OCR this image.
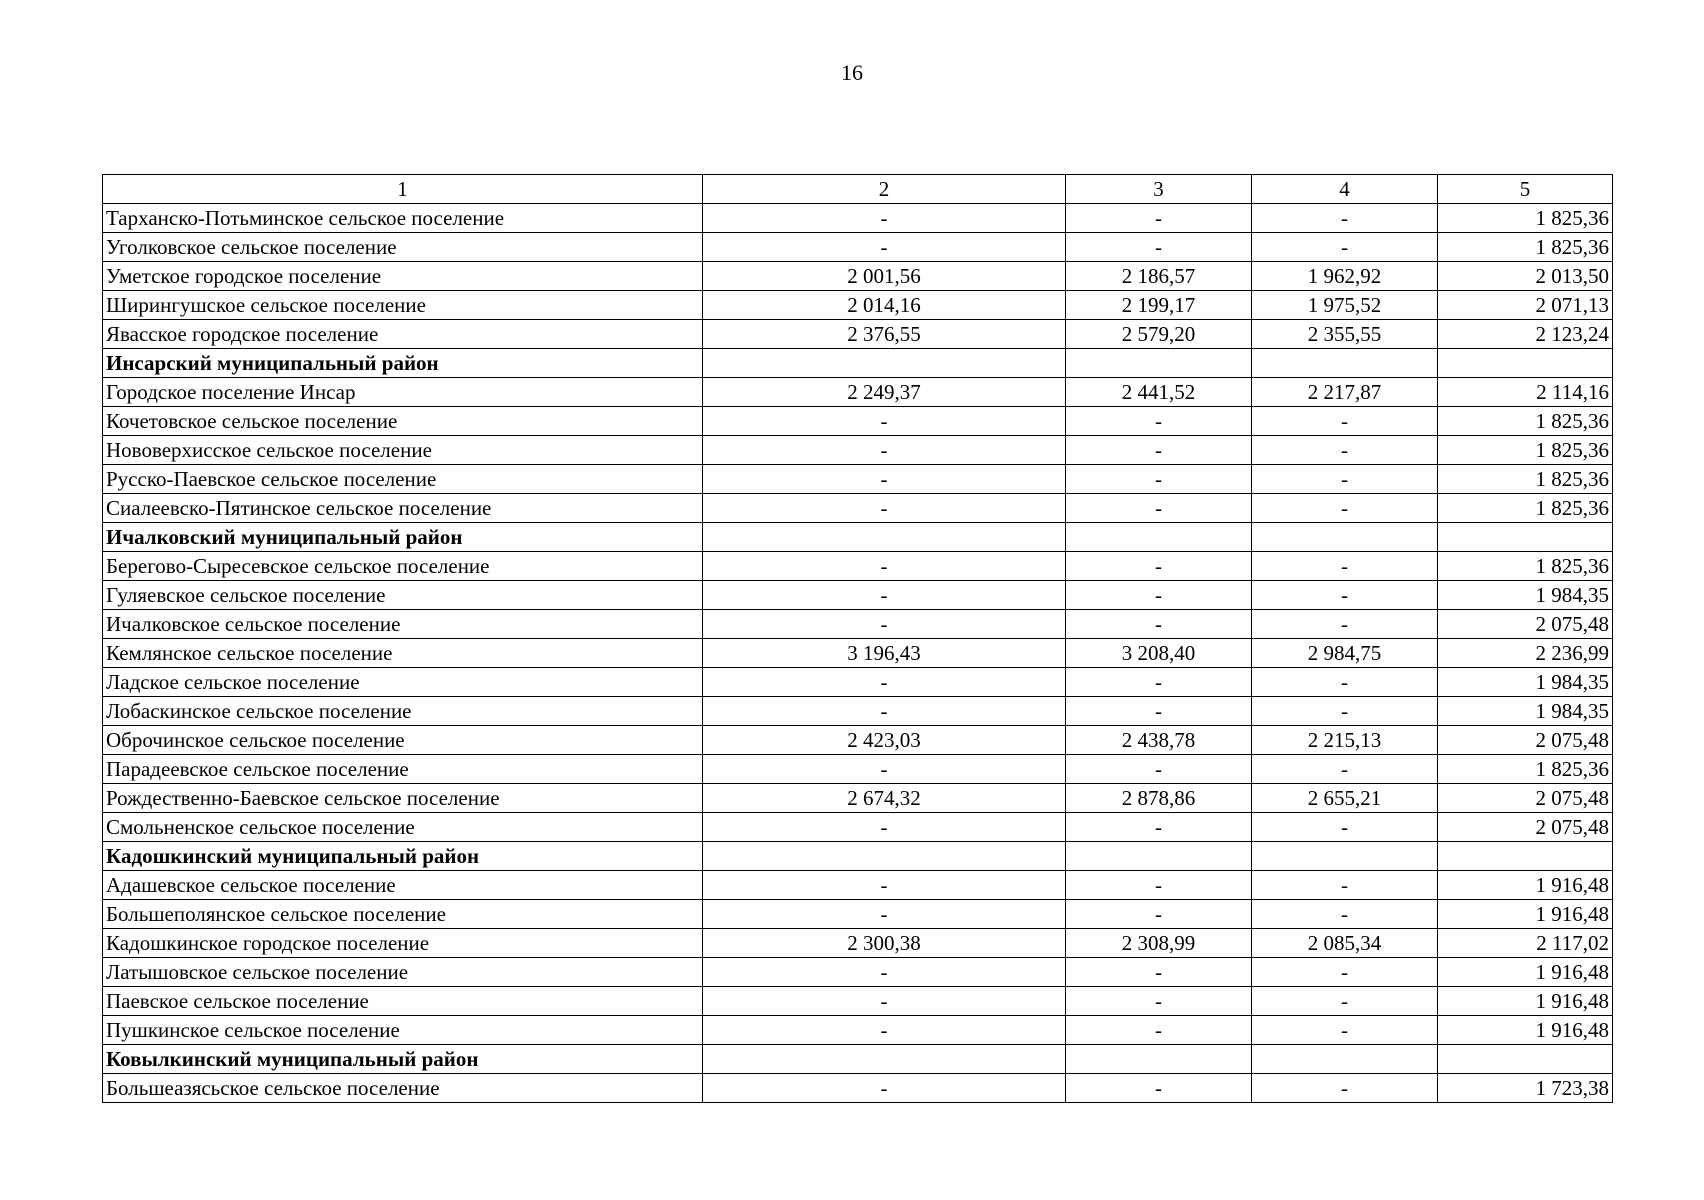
16
1	2	3	4	5
Тарханско-Потьминское сельское поселение	-	-	-	1 825,36
Уголковское сельское поселение	-	-	-	1 825,36
Уметское городское поселение	2 001,56	2 186,57	1 962,92	2 013,50
Ширингушское сельское поселение	2 014,16	2 199,17	1 975,52	2 071,13
Явасское городское поселение	2 376,55	2 579,20	2 355,55	2 123,24
Инсарский муниципальный район				
Городское поселение Инсар	2 249,37	2 441,52	2 217,87	2 114,16
Кочетовское сельское поселение	-	-	-	1 825,36
Нововерхисское сельское поселение	-	-	-	1 825,36
Русско-Паевское сельское поселение	-	-	-	1 825,36
Сиалеевско-Пятинское сельское поселение	-	-	-	1 825,36
Ичалковский муниципальный район				
Берегово-Сыресевское сельское поселение	-	-	-	1 825,36
Гуляевское сельское поселение	-	-	-	1 984,35
Ичалковское сельское поселение	-	-	-	2 075,48
Кемлянское сельское поселение	3 196,43	3 208,40	2 984,75	2 236,99
Ладское сельское поселение	-	-	-	1 984,35
Лобаскинское сельское поселение	-	-	-	1 984,35
Оброчинское сельское поселение	2 423,03	2 438,78	2 215,13	2 075,48
Парадеевское сельское поселение	-	-	-	1 825,36
Рождественно-Баевское сельское поселение	2 674,32	2 878,86	2 655,21	2 075,48
Смольненское сельское поселение	-	-	-	2 075,48
Кадошкинский муниципальный район				
Адашевское сельское поселение	-	-	-	1 916,48
Большеполянское сельское поселение	-	-	-	1 916,48
Кадошкинское городское поселение	2 300,38	2 308,99	2 085,34	2 117,02
Латышовское сельское поселение	-	-	-	1 916,48
Паевское сельское поселение	-	-	-	1 916,48
Пушкинское сельское поселение	-	-	-	1 916,48
Ковылкинский муниципальный район				
Большеазясьское сельское поселение	-	-	-	1 723,38
